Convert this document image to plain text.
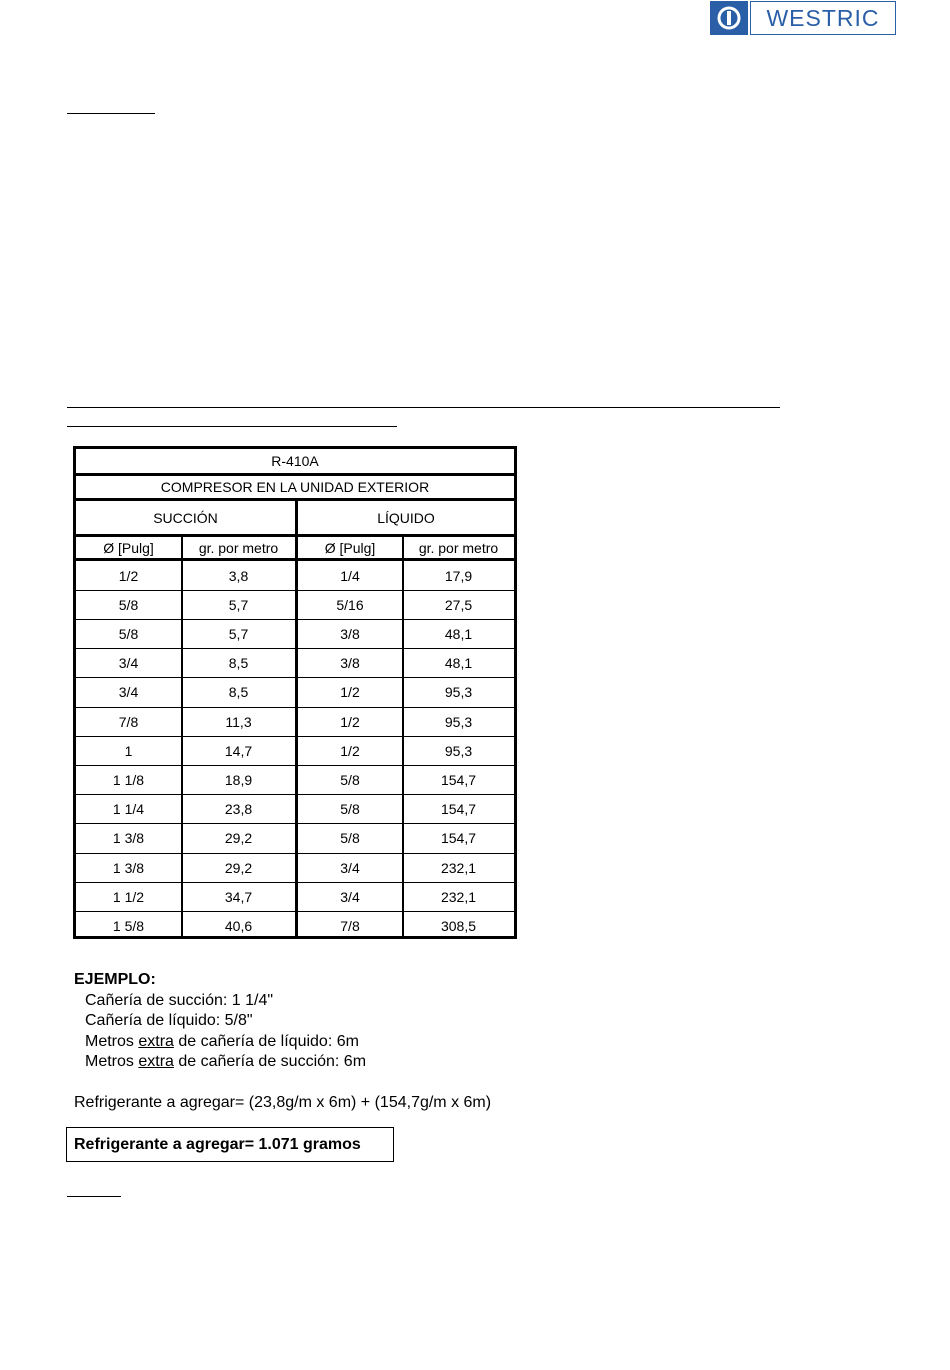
WESTRIC
R-410A
COMPRESOR EN LA UNIDAD EXTERIOR
SUCCIÓN	LÍQUIDO
Ø [Pulg]	gr. por metro	Ø [Pulg]	gr. por metro
1/2	3,8	1/4	17,9
5/8	5,7	5/16	27,5
5/8	5,7	3/8	48,1
3/4	8,5	3/8	48,1
3/4	8,5	1/2	95,3
7/8	11,3	1/2	95,3
1	14,7	1/2	95,3
1 1/8	18,9	5/8	154,7
1 1/4	23,8	5/8	154,7
1 3/8	29,2	5/8	154,7
1 3/8	29,2	3/4	232,1
1 1/2	34,7	3/4	232,1
1 5/8	40,6	7/8	308,5
EJEMPLO:
Cañería de succión: 1 1/4"
Cañería de líquido: 5/8"
Metros extra de cañería de líquido: 6m
Metros extra de cañería de succión: 6m
Refrigerante a agregar= (23,8g/m x 6m) + (154,7g/m x 6m)
Refrigerante a agregar= 1.071 gramos
